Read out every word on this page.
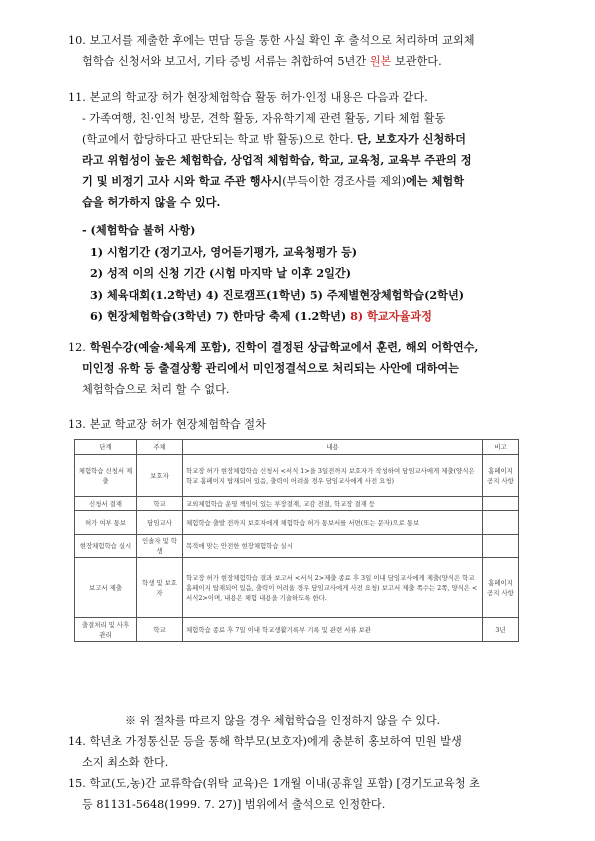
10. 보고서를 제출한 후에는 면담 등을 통한 사실 확인 후 출석으로 처리하며 교외체
험학습 신청서와 보고서, 기타 증빙 서류는 취합하여 5년간 원본 보관한다.
11. 본교의 학교장 허가 현장체험학습 활동 허가·인정 내용은 다음과 같다.
- 가족여행, 친·인척 방문, 견학 활동, 자유학기제 관련 활동, 기타 체험 활동
(학교에서 합당하다고 판단되는 학교 밖 활동)으로 한다. 단, 보호자가 신청하더
라고 위험성이 높은 체험학습, 상업적 체험학습, 학교, 교육청, 교육부 주관의 정
기 및 비정기 고사 시와 학교 주관 행사시(부득이한 경조사를 제외)에는 체험학
습을 허가하지 않을 수 있다.
- (체험학습 불허 사항)
1) 시험기간 (정기고사, 영어듣기평가, 교육청평가 등)
2) 성적 이의 신청 기간 (시험 마지막 날 이후 2일간)
3) 체육대회(1.2학년) 4) 진로캠프(1학년) 5) 주제별현장체험학습(2학년)
6) 현장체험학습(3학년) 7) 한마당 축제 (1.2학년) 8) 학교자율과정
12. 학원수강(예술·체육계 포함), 진학이 결정된 상급학교에서 훈련, 해외 어학연수,
미인정 유학 등 출결상황 관리에서 미인정결석으로 처리되는 사안에 대하여는
체험학습으로 처리 할 수 없다.
13. 본교 학교장 허가 현장체험학습 절차
단계	주체	내용	비고
체험학습 신청서 제출	보호자	학교장 허가 현장체험학습 신청서 <서식 1>을 3일전까지 보호자가 작성하여 담임교사에게 제출(양식은 학교 홈페이지 탑재되어 있음, 출력이 어려울 경우 담임교사에게 사전 요청)	홈페이지 공지 사항
신청서 결재	학교	교외체험학습 운영 책임이 있는 부장결재, 교감 전결, 학교장 결재 등	
허가 여부 통보	담임교사	체험학습 출발 전까지 보호자에게 체험학습 허가 통보서를 서면(또는 문자)으로 통보	
현장체험학습 실시	인솔자 및 학생	목적에 맞는 안전한 현장체험학습 실시	
보고서 제출	학생 및 보호자	학교장 허가 현장체험학습 결과 보고서 <서식 2>제출 종료 후 3일 이내 담임교사에게 제출(양식은 학교 홈페이지 탑재되어 있음, 출력이 어려울 경우 담임교사에게 사전 요청) 보고서 제출 쪽수는 2쪽, 양식은 <서식2>이며, 내용은 체험 내용을 기술하도록 한다.	홈페이지 공지 사항
출결처리 및 사후 관리	학교	체험학습 종료 후 7일 이내 학교생활기록부 기록 및 관련 서류 보관	3년
※ 위 절차를 따르지 않을 경우 체험학습을 인정하지 않을 수 있다.
14. 학년초 가정통신문 등을 통해 학부모(보호자)에게 충분히 홍보하여 민원 발생
소지 최소화 한다.
15. 학교(도,농)간 교류학습(위탁 교육)은 1개월 이내(공휴일 포함) [경기도교육청 초
등 81131-5648(1999. 7. 27)] 범위에서 출석으로 인정한다.
